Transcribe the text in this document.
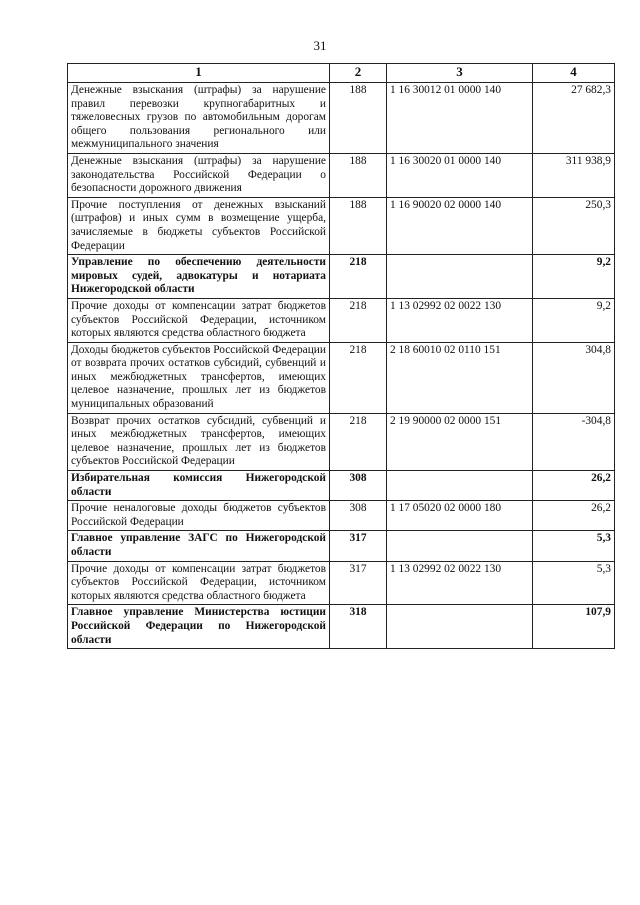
31
1	2	3	4
Денежные взыскания (штрафы) за нарушение правил перевозки крупногабаритных и тяжеловесных грузов по автомобильным дорогам общего пользования регионального или межмуниципального значения	188	1 16 30012 01 0000 140	27 682,3
Денежные взыскания (штрафы) за нарушение законодательства Российской Федерации о безопасности дорожного движения	188	1 16 30020 01 0000 140	311 938,9
Прочие поступления от денежных взысканий (штрафов) и иных сумм в возмещение ущерба, зачисляемые в бюджеты субъектов Российской Федерации	188	1 16 90020 02 0000 140	250,3
Управление по обеспечению деятельности мировых судей, адвокатуры и нотариата Нижегородской области	218		9,2
Прочие доходы от компенсации затрат бюджетов субъектов Российской Федерации, источником которых являются средства областного бюджета	218	1 13 02992 02 0022 130	9,2
Доходы бюджетов субъектов Российской Федерации от возврата прочих остатков субсидий, субвенций и иных межбюджетных трансфертов, имеющих целевое назначение, прошлых лет из бюджетов муниципальных образований	218	2 18 60010 02 0110 151	304,8
Возврат прочих остатков субсидий, субвенций и иных межбюджетных трансфертов, имеющих целевое назначение, прошлых лет из бюджетов субъектов Российской Федерации	218	2 19 90000 02 0000 151	-304,8
Избирательная комиссия Нижегородской области	308		26,2
Прочие неналоговые доходы бюджетов субъектов Российской Федерации	308	1 17 05020 02 0000 180	26,2
Главное управление ЗАГС по Нижегородской области	317		5,3
Прочие доходы от компенсации затрат бюджетов субъектов Российской Федерации, источником которых являются средства областного бюджета	317	1 13 02992 02 0022 130	5,3
Главное управление Министерства юстиции Российской Федерации по Нижегородской области	318		107,9
